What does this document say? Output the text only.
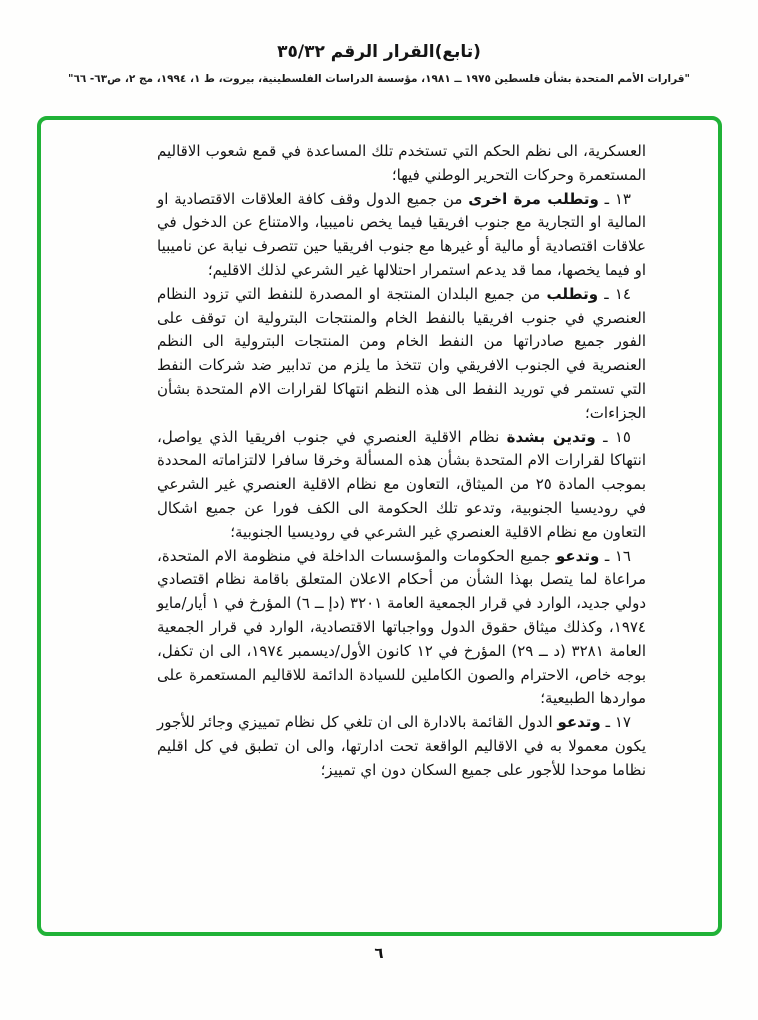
(تابع)القرار الرقم ٣٥/٣٢
"قرارات الأمم المتحدة بشأن فلسطين ١٩٧٥ ــ ١٩٨١، مؤسسة الدراسات الفلسطينية، بيروت، ط ١، ١٩٩٤، مج ٢، ص٦٣- ٦٦"

العسكرية، الى نظم الحكم التي تستخدم تلك المساعدة في قمع شعوب الاقاليم المستعمرة وحركات التحرير الوطني فيها؛

١٣ ـ وتطلب مرة اخرى من جميع الدول وقف كافة العلاقات الاقتصادية او المالية او التجارية مع جنوب افريقيا فيما يخص ناميبيا، والامتناع عن الدخول في علاقات اقتصادية أو مالية أو غيرها مع جنوب افريقيا حين تتصرف نيابة عن ناميبيا او فيما يخصها، مما قد يدعم استمرار احتلالها غير الشرعي لذلك الاقليم؛

١٤ ـ وتطلب من جميع البلدان المنتجة او المصدرة للنفط التي تزود النظام العنصري في جنوب افريقيا بالنفط الخام والمنتجات البترولية ان توقف على الفور جميع صادراتها من النفط الخام ومن المنتجات البترولية الى النظم العنصرية في الجنوب الافريقي وان تتخذ ما يلزم من تدابير ضد شركات النفط التي تستمر في توريد النفط الى هذه النظم انتهاكا لقرارات الام المتحدة بشأن الجزاءات؛

١٥ ـ وتدين بشدة نظام الاقلية العنصري في جنوب افريقيا الذي يواصل، انتهاكا لقرارات الام المتحدة بشأن هذه المسألة وخرقا سافرا لالتزاماته المحددة بموجب المادة ٢٥ من الميثاق، التعاون مع نظام الاقلية العنصري غير الشرعي في روديسيا الجنوبية، وتدعو تلك الحكومة الى الكف فورا عن جميع اشكال التعاون مع نظام الاقلية العنصري غير الشرعي في روديسيا الجنوبية؛

١٦ ـ وتدعو جميع الحكومات والمؤسسات الداخلة في منظومة الام المتحدة، مراعاة لما يتصل بهذا الشأن من أحكام الاعلان المتعلق باقامة نظام اقتصادي دولي جديد، الوارد في قرار الجمعية العامة ٣٢٠١ (دإ ــ ٦) المؤرخ في ١ أيار/مايو ١٩٧٤، وكذلك ميثاق حقوق الدول وواجباتها الاقتصادية، الوارد في قرار الجمعية العامة ٣٢٨١ (د ــ ٢٩) المؤرخ في ١٢ كانون الأول/ديسمبر ١٩٧٤، الى ان تكفل، بوجه خاص، الاحترام والصون الكاملين للسيادة الدائمة للاقاليم المستعمرة على مواردها الطبيعية؛

١٧ ـ وتدعو الدول القائمة بالادارة الى ان تلغي كل نظام تمييزي وجائر للأجور يكون معمولا به في الاقاليم الواقعة تحت ادارتها، والى ان تطبق في كل اقليم نظاما موحدا للأجور على جميع السكان دون اي تمييز؛

٦
